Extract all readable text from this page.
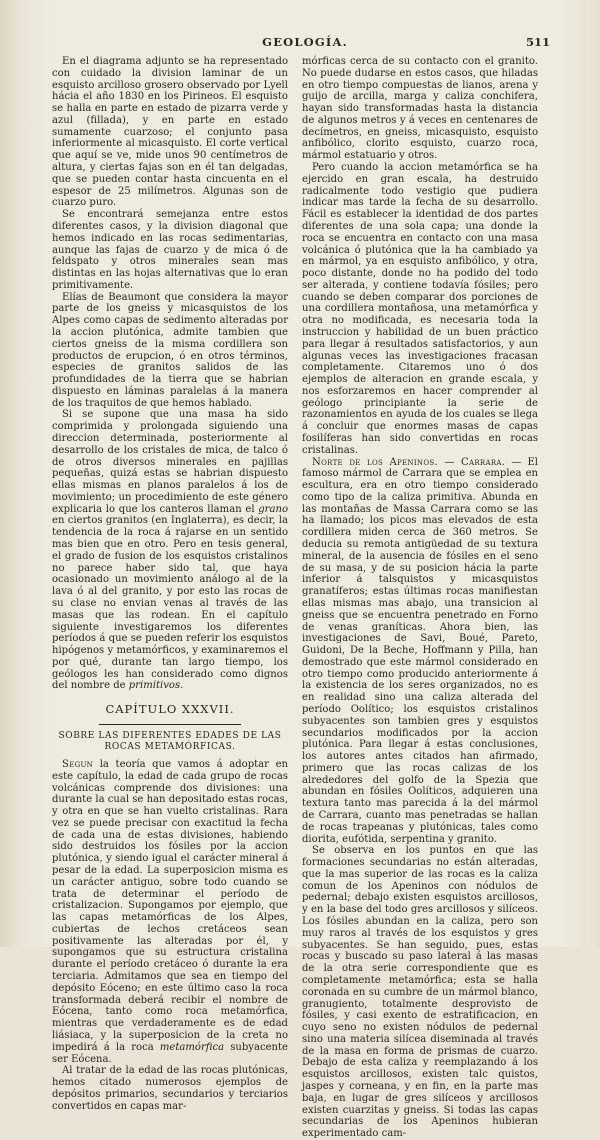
GEOLOGÍA.	511

En el diagrama adjunto se ha representado con cuidado la division laminar de un esquisto arcilloso grosero observado por Lyell hácia el año 1830 en los Pirineos. El esquisto se halla en parte en estado de pizarra verde y azul (fillada), y en parte en estado sumamente cuarzoso; el conjunto pasa inferiormente al micasquisto. El corte vertical que aquí se ve, mide unos 90 centímetros de altura, y ciertas fajas son en él tan delgadas, que se pueden contar hasta cincuenta en el espesor de 25 milímetros. Algunas son de cuarzo puro.

Se encontrará semejanza entre estos diferentes casos, y la division diagonal que hemos indicado en las rocas sedimentarias, aunque las fajas de cuarzo y de mica ó de feldspato y otros minerales sean mas distintas en las hojas alternativas que lo eran primitivamente.

Elías de Beaumont que considera la mayor parte de los gneiss y micasquistos de los Alpes como capas de sedimento alteradas por la accion plutónica, admite tambien que ciertos gneiss de la misma cordillera son productos de erupcion, ó en otros términos, especies de granitos salidos de las profundidades de la tierra que se habrian dispuesto en láminas paralelas á la manera de los traquitos de que hemos hablado.

Si se supone que una masa ha sido comprimida y prolongada siguiendo una direccion determinada, posteriormente al desarrollo de los cristales de mica, de talco ó de otros diversos minerales en pajillas pequeñas, quizá estas se habrian dispuesto ellas mismas en planos paralelos á los de movimiento; un procedimiento de este género explicaria lo que los canteros llaman el grano en ciertos granitos (en Inglaterra), es decir, la tendencia de la roca á rajarse en un sentido mas bien que en otro. Pero en tesis general, el grado de fusion de los esquistos cristalinos no parece haber sido tal, que haya ocasionado un movimiento análogo al de la lava ó al del granito, y por esto las rocas de su clase no envian venas al través de las masas que las rodean. En el capítulo siguiente investigaremos los diferentes períodos á que se pueden referir los esquistos hipógenos y metamórficos, y examinaremos el por qué, durante tan largo tiempo, los geólogos les han considerado como dignos del nombre de primitivos.

CAPÍTULO XXXVII.
SOBRE LAS DIFERENTES EDADES DE LAS ROCAS METAMÓRFICAS.

Segun la teoría que vamos á adoptar en este capítulo, la edad de cada grupo de rocas volcánicas comprende dos divisiones: una durante la cual se han depositado estas rocas, y otra en que se han vuelto cristalinas. Rara vez se puede precisar con exactitud la fecha de cada una de estas divisiones, habiendo sido destruidos los fósiles por la accion plutónica, y siendo igual el carácter mineral á pesar de la edad. La superposicion misma es un carácter antiguo, sobre todo cuando se trata de determinar el período de cristalizacion. Supongamos por ejemplo, que las capas metamórficas de los Alpes, cubiertas de lechos cretáceos sean positivamente las alteradas por él, y supongamos que su estructura cristalina durante el período cretáceo ó durante la era terciaria. Admitamos que sea en tiempo del depósito Eóceno; en este último caso la roca transformada deberá recibir el nombre de Eócena, tanto como roca metamórfica, mientras que verdaderamente es de edad liásiaca, y la superposicion de la creta no impedirá á la roca metamórfica subyacente ser Eócena.

Al tratar de la edad de las rocas plutónicas, hemos citado numerosos ejemplos de depósitos primarios, secundarios y terciarios convertidos en capas mar-

mórficas cerca de su contacto con el granito. No puede dudarse en estos casos, que hiladas en otro tiempo compuestas de lianos, arena y guijo de arcilla, marga y caliza conchifera, hayan sido transformadas hasta la distancia de algunos metros y á veces en centenares de decímetros, en gneiss, micasquisto, esquisto anfibólico, clorito esquisto, cuarzo roca, mármol estatuario y otros.

Pero cuando la accion metamórfica se ha ejercido en gran escala, ha destruido radicalmente todo vestigio que pudiera indicar mas tarde la fecha de su desarrollo. Fácil es establecer la identidad de dos partes diferentes de una sola capa; una donde la roca se encuentra en contacto con una masa volcánica ó plutónica que la ha cambiado ya en mármol, ya en esquisto anfibólico, y otra, poco distante, donde no ha podido del todo ser alterada, y contiene todavía fósiles; pero cuando se deben comparar dos porciones de una cordillera montañosa, una metamórfica y otra no modificada, es necesaria toda la instruccion y habilidad de un buen práctico para llegar á resultados satisfactorios, y aun algunas veces las investigaciones fracasan completamente. Citaremos uno ó dos ejemplos de alteracion en grande escala, y nos esforzaremos en hacer comprender al geólogo principiante la serie de razonamientos en ayuda de los cuales se llega á concluir que enormes masas de capas fosilíferas han sido convertidas en rocas cristalinas.

Norte de los Apeninos. — Carrara. — El famoso mármol de Carrara que se emplea en escultura, era en otro tiempo considerado como tipo de la caliza primitiva. Abunda en las montañas de Massa Carrara como se las ha llamado; los picos mas elevados de esta cordillera miden cerca de 360 metros. Se deducia su remota antigüedad de su textura mineral, de la ausencia de fósiles en el seno de su masa, y de su posicion hácia la parte inferior á talsquistos y micasquistos granatíferos; estas últimas rocas manifiestan ellas mismas mas abajo, una transicion al gneiss que se encuentra penetrado en Forno de venas graníticas. Ahora bien, las investigaciones de Savi, Boué, Pareto, Guidoni, De la Beche, Hoffmann y Pilla, han demostrado que este mármol considerado en otro tiempo como producido anteriormente á la existencia de los seres organizados, no es en realidad sino una caliza alterada del período Oolítico; los esquistos cristalinos subyacentes son tambien gres y esquistos secundarios modificados por la accion plutónica. Para llegar á estas conclusiones, los autores antes citados han afirmado, primero que las rocas calizas de los alrededores del golfo de la Spezia que abundan en fósiles Oolíticos, adquieren una textura tanto mas parecida á la del mármol de Carrara, cuanto mas penetradas se hallan de rocas trapeanas y plutónicas, tales como diorita, eufótida, serpentina y granito.

Se observa en los puntos en que las formaciones secundarias no están alteradas, que la mas superior de las rocas es la caliza comun de los Apeninos con nódulos de pedernal; debajo existen esquistos arcillosos, y en la base del todo gres arcillosos y silíceos. Los fósiles abundan en la caliza, pero son muy raros al través de los esquistos y gres subyacentes. Se han seguido, pues, estas rocas y buscado su paso lateral á las masas de la otra serie correspondiente que es completamente metamórfica; esta se halla coronada en su cumbre de un mármol blanco, granugiento, totalmente desprovisto de fósiles, y casi exento de estratificacion, en cuyo seno no existen nódulos de pedernal sino una materia silícea diseminada al través de la masa en forma de prismas de cuarzo. Debajo de esta caliza y reemplazando á los esquistos arcillosos, existen talc quistos, jaspes y corneana, y en fin, en la parte mas baja, en lugar de gres silíceos y arcillosos existen cuarzitas y gneiss. Si todas las capas secundarias de los Apeninos hubieran experimentado cam-
